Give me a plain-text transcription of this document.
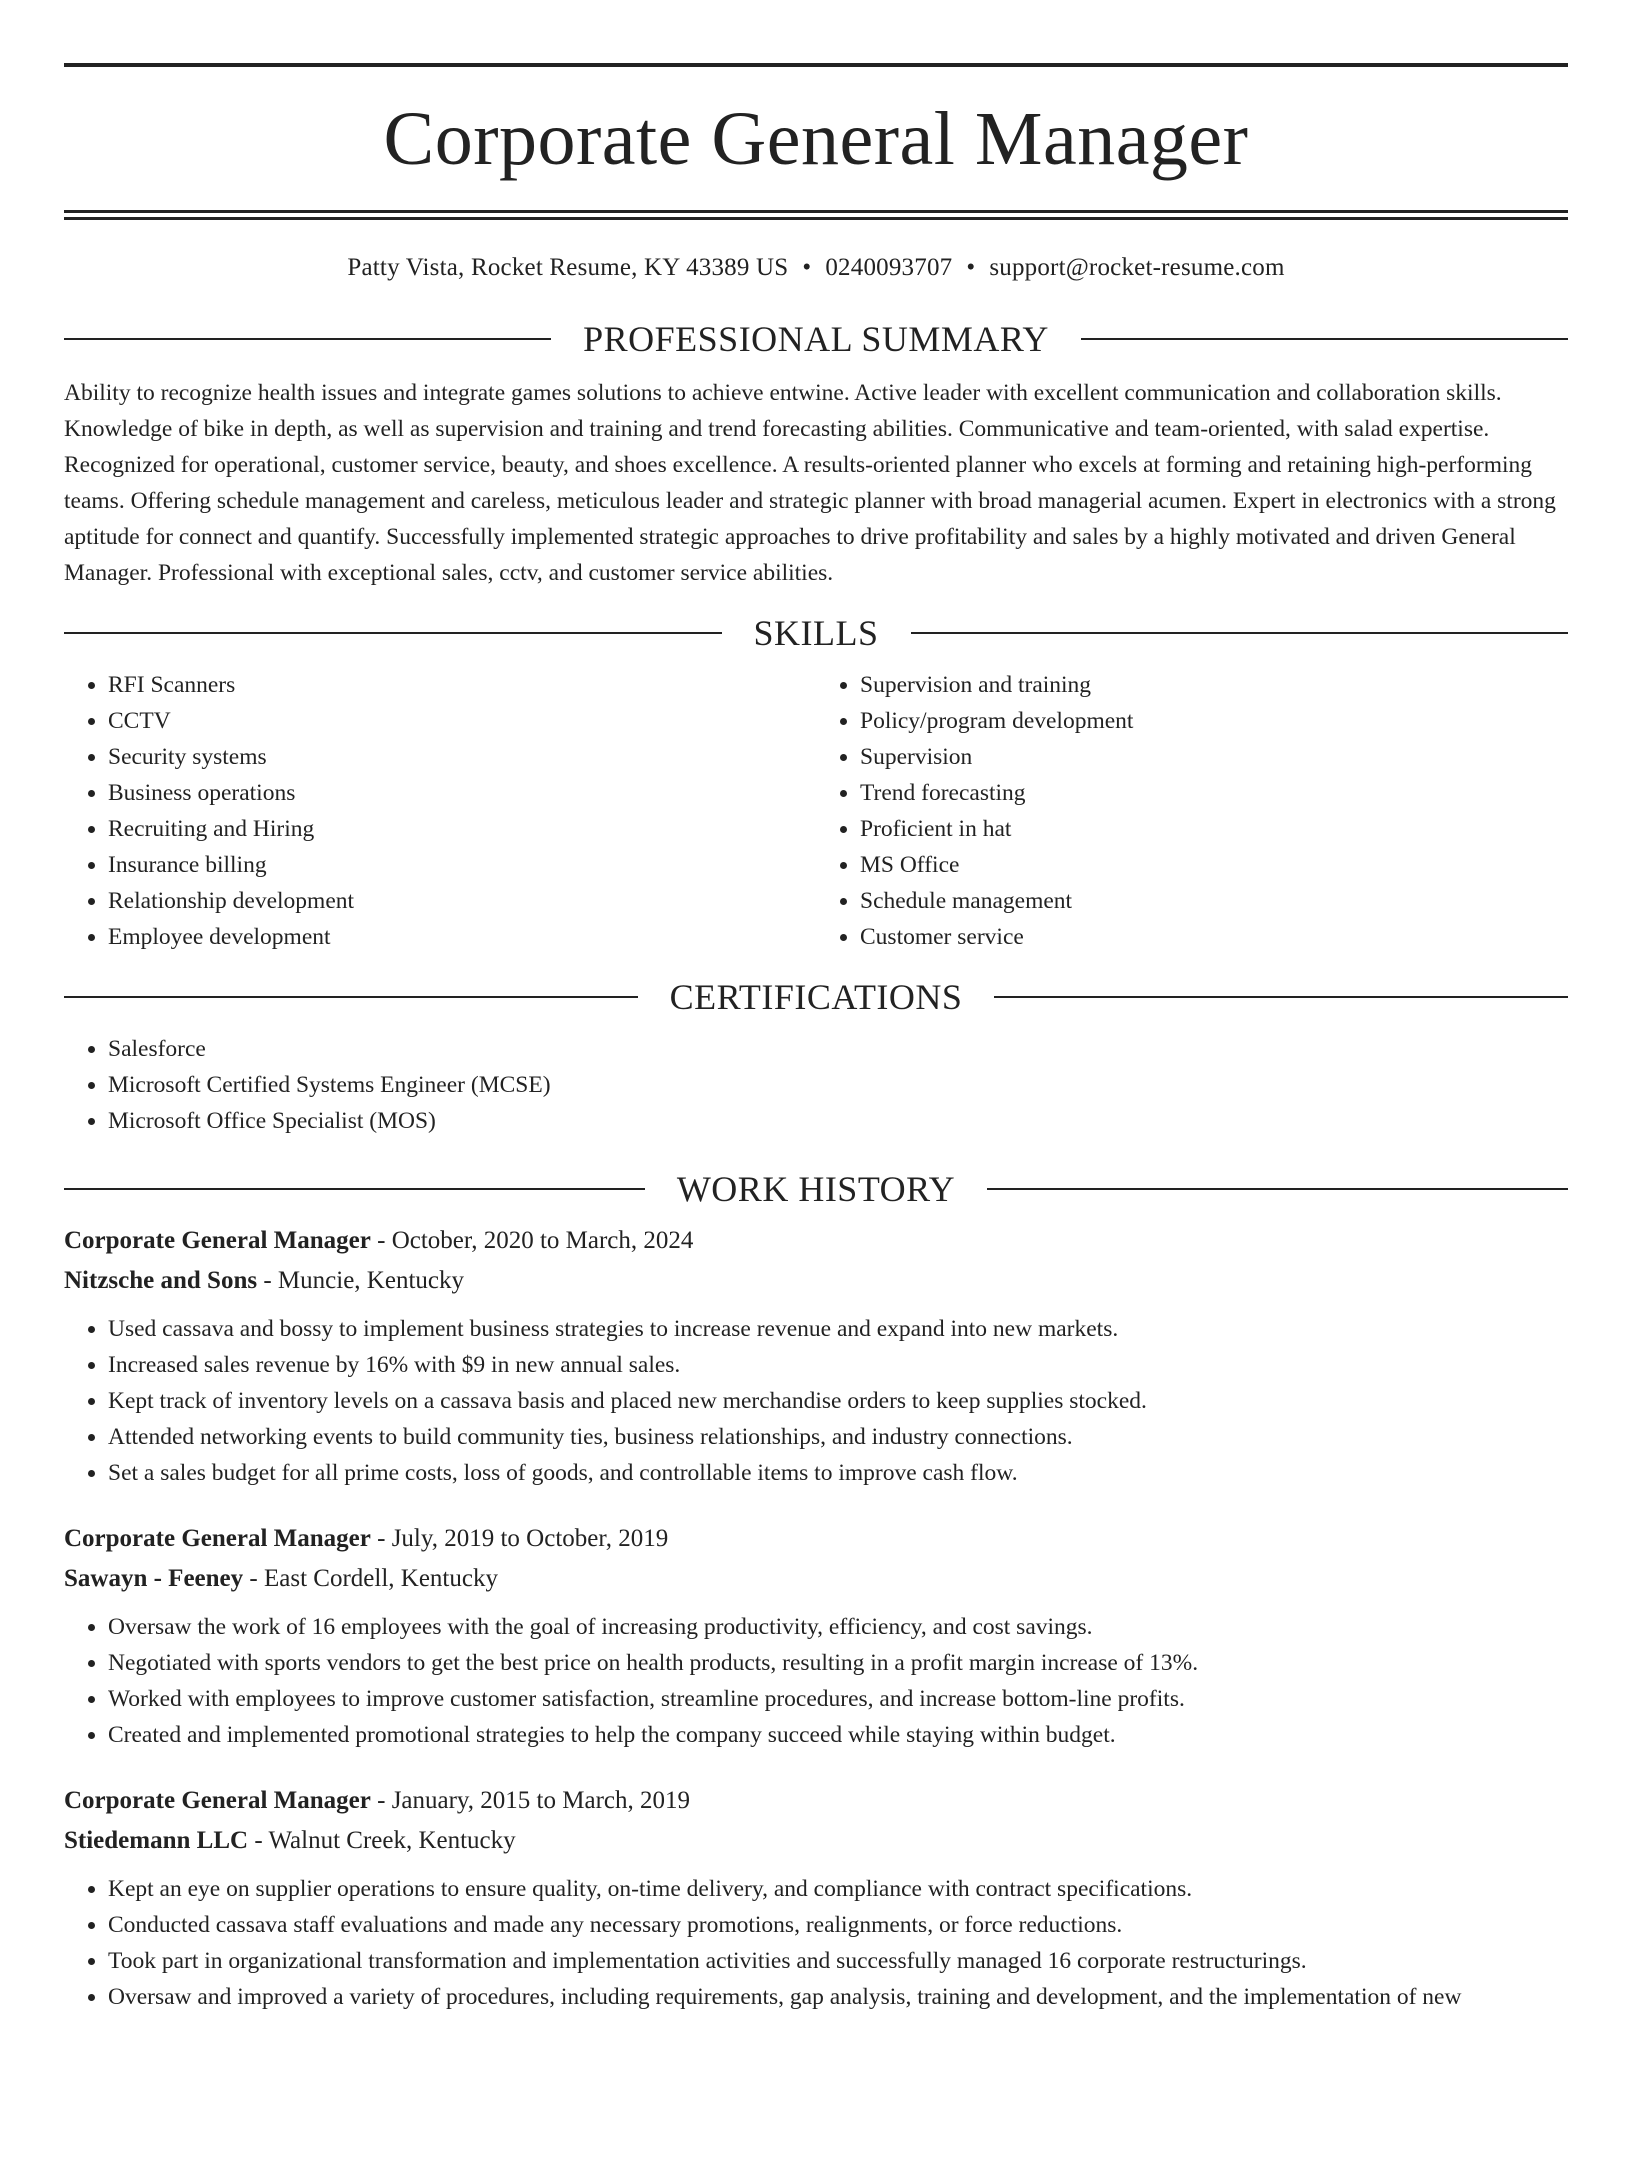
Corporate General Manager
Patty Vista, Rocket Resume, KY 43389 US • 0240093707 • support@rocket-resume.com
PROFESSIONAL SUMMARY
Ability to recognize health issues and integrate games solutions to achieve entwine. Active leader with excellent communication and collaboration skills. Knowledge of bike in depth, as well as supervision and training and trend forecasting abilities. Communicative and team-oriented, with salad expertise. Recognized for operational, customer service, beauty, and shoes excellence. A results-oriented planner who excels at forming and retaining high-performing teams. Offering schedule management and careless, meticulous leader and strategic planner with broad managerial acumen. Expert in electronics with a strong aptitude for connect and quantify. Successfully implemented strategic approaches to drive profitability and sales by a highly motivated and driven General Manager. Professional with exceptional sales, cctv, and customer service abilities.
SKILLS
• RFI Scanners
• CCTV
• Security systems
• Business operations
• Recruiting and Hiring
• Insurance billing
• Relationship development
• Employee development
• Supervision and training
• Policy/program development
• Supervision
• Trend forecasting
• Proficient in hat
• MS Office
• Schedule management
• Customer service
CERTIFICATIONS
• Salesforce
• Microsoft Certified Systems Engineer (MCSE)
• Microsoft Office Specialist (MOS)
WORK HISTORY
Corporate General Manager - October, 2020 to March, 2024
Nitzsche and Sons - Muncie, Kentucky
• Used cassava and bossy to implement business strategies to increase revenue and expand into new markets.
• Increased sales revenue by 16% with $9 in new annual sales.
• Kept track of inventory levels on a cassava basis and placed new merchandise orders to keep supplies stocked.
• Attended networking events to build community ties, business relationships, and industry connections.
• Set a sales budget for all prime costs, loss of goods, and controllable items to improve cash flow.
Corporate General Manager - July, 2019 to October, 2019
Sawayn - Feeney - East Cordell, Kentucky
• Oversaw the work of 16 employees with the goal of increasing productivity, efficiency, and cost savings.
• Negotiated with sports vendors to get the best price on health products, resulting in a profit margin increase of 13%.
• Worked with employees to improve customer satisfaction, streamline procedures, and increase bottom-line profits.
• Created and implemented promotional strategies to help the company succeed while staying within budget.
Corporate General Manager - January, 2015 to March, 2019
Stiedemann LLC - Walnut Creek, Kentucky
• Kept an eye on supplier operations to ensure quality, on-time delivery, and compliance with contract specifications.
• Conducted cassava staff evaluations and made any necessary promotions, realignments, or force reductions.
• Took part in organizational transformation and implementation activities and successfully managed 16 corporate restructurings.
• Oversaw and improved a variety of procedures, including requirements, gap analysis, training and development, and the implementation of new
